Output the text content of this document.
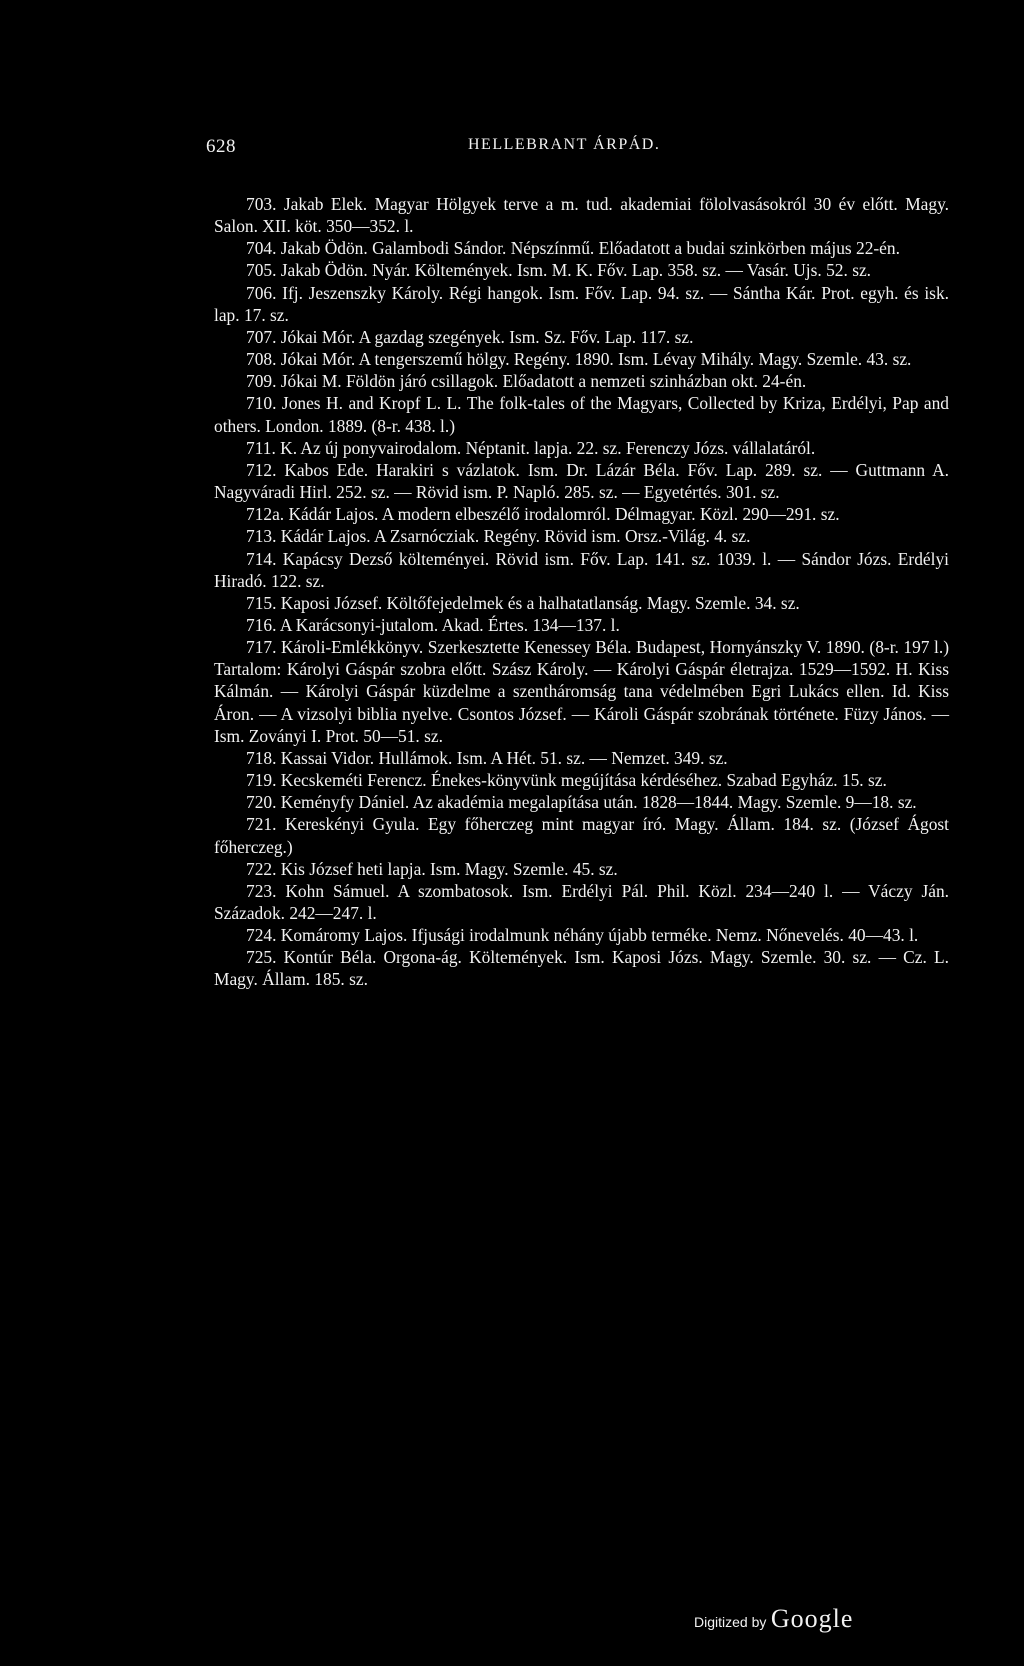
628	HELLEBRANT ÁRPÁD.

703. Jakab Elek. Magyar Hölgyek terve a m. tud. akademiai fölolvasásokról 30 év előtt. Magy. Salon. XII. köt. 350—352. l.

704. Jakab Ödön. Galambodi Sándor. Népszínmű. Előadatott a budai szinkörben május 22-én.

705. Jakab Ödön. Nyár. Költemények. Ism. M. K. Főv. Lap. 358. sz. — Vasár. Ujs. 52. sz.

706. Ifj. Jeszenszky Károly. Régi hangok. Ism. Főv. Lap. 94. sz. — Sántha Kár. Prot. egyh. és isk. lap. 17. sz.

707. Jókai Mór. A gazdag szegények. Ism. Sz. Főv. Lap. 117. sz.

708. Jókai Mór. A tengerszemű hölgy. Regény. 1890. Ism. Lévay Mihály. Magy. Szemle. 43. sz.

709. Jókai M. Földön járó csillagok. Előadatott a nemzeti szinházban okt. 24-én.

710. Jones H. and Kropf L. L. The folk-tales of the Magyars, Collected by Kriza, Erdélyi, Pap and others. London. 1889. (8-r. 438. l.)

711. K. Az új ponyvairodalom. Néptanit. lapja. 22. sz. Ferenczy Józs. vállalatáról.

712. Kabos Ede. Harakiri s vázlatok. Ism. Dr. Lázár Béla. Főv. Lap. 289. sz. — Guttmann A. Nagyváradi Hirl. 252. sz. — Rövid ism. P. Napló. 285. sz. — Egyetértés. 301. sz.

712a. Kádár Lajos. A modern elbeszélő irodalomról. Délmagyar. Közl. 290—291. sz.

713. Kádár Lajos. A Zsarnócziak. Regény. Rövid ism. Orsz.-Világ. 4. sz.

714. Kapácsy Dezső költeményei. Rövid ism. Főv. Lap. 141. sz. 1039. l. — Sándor Józs. Erdélyi Hiradó. 122. sz.

715. Kaposi József. Költőfejedelmek és a halhatatlanság. Magy. Szemle. 34. sz.

716. A Karácsonyi-jutalom. Akad. Értes. 134—137. l.

717. Károli-Emlékkönyv. Szerkesztette Kenessey Béla. Budapest, Hornyánszky V. 1890. (8-r. 197 l.) Tartalom: Károlyi Gáspár szobra előtt. Szász Károly. — Károlyi Gáspár életrajza. 1529—1592. H. Kiss Kálmán. — Károlyi Gáspár küzdelme a szentháromság tana védelmében Egri Lukács ellen. Id. Kiss Áron. — A vizsolyi biblia nyelve. Csontos József. — Károli Gáspár szobrának története. Füzy János. — Ism. Zoványi I. Prot. 50—51. sz.

718. Kassai Vidor. Hullámok. Ism. A Hét. 51. sz. — Nemzet. 349. sz.

719. Kecskeméti Ferencz. Énekes-könyvünk megújítása kérdéséhez. Szabad Egyház. 15. sz.

720. Keményfy Dániel. Az akadémia megalapítása után. 1828—1844. Magy. Szemle. 9—18. sz.

721. Kereskényi Gyula. Egy főherczeg mint magyar író. Magy. Állam. 184. sz. (József Ágost főherczeg.)

722. Kis József heti lapja. Ism. Magy. Szemle. 45. sz.

723. Kohn Sámuel. A szombatosok. Ism. Erdélyi Pál. Phil. Közl. 234—240 l. — Váczy Ján. Századok. 242—247. l.

724. Komáromy Lajos. Ifjusági irodalmunk néhány újabb terméke. Nemz. Nőnevelés. 40—43. l.

725. Kontúr Béla. Orgona-ág. Költemények. Ism. Kaposi Józs. Magy. Szemle. 30. sz. — Cz. L. Magy. Állam. 185. sz.

Digitized by Google
